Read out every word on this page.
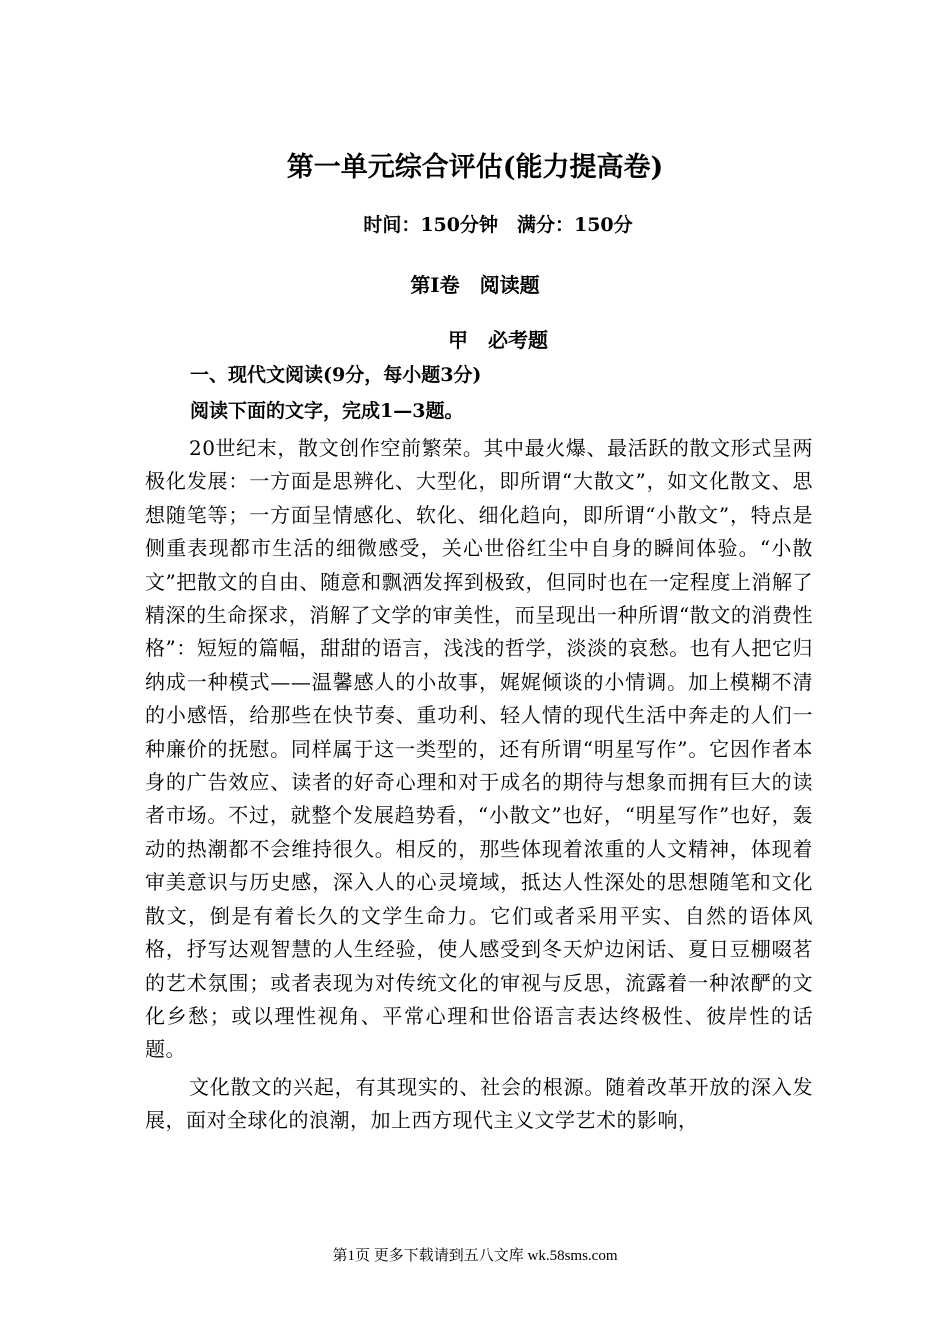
第一单元综合评估(能力提高卷)
时间：150分钟　满分：150分
第Ⅰ卷　阅读题
甲　必考题
一、现代文阅读(9分，每小题3分)
阅读下面的文字，完成1—3题。

20世纪末，散文创作空前繁荣。其中最火爆、最活跃的散文形式呈两极化发展：一方面是思辨化、大型化，即所谓“大散文”，如文化散文、思想随笔等；一方面呈情感化、软化、细化趋向，即所谓“小散文”，特点是侧重表现都市生活的细微感受，关心世俗红尘中自身的瞬间体验。“小散文”把散文的自由、随意和飘洒发挥到极致，但同时也在一定程度上消解了精深的生命探求，消解了文学的审美性，而呈现出一种所谓“散文的消费性格”：短短的篇幅，甜甜的语言，浅浅的哲学，淡淡的哀愁。也有人把它归纳成一种模式——温馨感人的小故事，娓娓倾谈的小情调。加上模糊不清的小感悟，给那些在快节奏、重功利、轻人情的现代生活中奔走的人们一种廉价的抚慰。同样属于这一类型的，还有所谓“明星写作”。它因作者本身的广告效应、读者的好奇心理和对于成名的期待与想象而拥有巨大的读者市场。不过，就整个发展趋势看，“小散文”也好，“明星写作”也好，轰动的热潮都不会维持很久。相反的，那些体现着浓重的人文精神，体现着审美意识与历史感，深入人的心灵境域，抵达人性深处的思想随笔和文化散文，倒是有着长久的文学生命力。它们或者采用平实、自然的语体风格，抒写达观智慧的人生经验，使人感受到冬天炉边闲话、夏日豆棚啜茗的艺术氛围；或者表现为对传统文化的审视与反思，流露着一种浓酽的文化乡愁；或以理性视角、平常心理和世俗语言表达终极性、彼岸性的话题。

文化散文的兴起，有其现实的、社会的根源。随着改革开放的深入发展，面对全球化的浪潮，加上西方现代主义文学艺术的影响，

第1页 更多下载请到五八文库 wk.58sms.com
